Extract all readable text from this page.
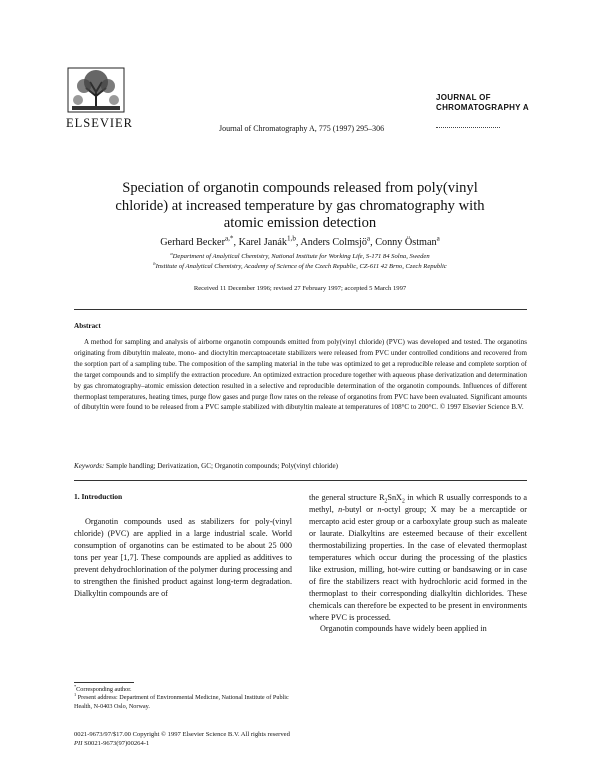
ELSEVIER	Journal of Chromatography A, 775 (1997) 295–306
JOURNAL OF
CHROMATOGRAPHY A
Speciation of organotin compounds released from poly(vinyl chloride) at increased temperature by gas chromatography with atomic emission detection
Gerhard Becker$^{a,*}$, Karel Janák$^{1,b}$, Anders Colmsjö$^a$, Conny Östman$^a$
$^a$Department of Analytical Chemistry, National Institute for Working Life, S-171 84 Solna, Sweden
$^b$Institute of Analytical Chemistry, Academy of Science of the Czech Republic, CZ-611 42 Brno, Czech Republic
Received 11 December 1996; revised 27 February 1997; accepted 5 March 1997
Abstract

A method for sampling and analysis of airborne organotin compounds emitted from poly(vinyl chloride) (PVC) was developed and tested. The organotins originating from dibutyltin maleate, mono- and dioctyltin mercaptoacetate stabilizers were released from PVC under controlled conditions and recovered from the sorption part of a sampling tube. The composition of the sampling material in the tube was optimized to get a reproducible release and complete sorption of the target compounds and to simplify the extraction procedure. An optimized extraction procedure together with aqueous phase derivatization and determination by gas chromatography–atomic emission detection resulted in a selective and reproducible determination of the organotin compounds. Influences of different thermoplast temperatures, heating times, purge flow gases and purge flow rates on the release of organotins from PVC have been evaluated. Significant amounts of dibutyltin were found to be released from a PVC sample stabilized with dibutyltin maleate at temperatures of 108°C to 200°C. © 1997 Elsevier Science B.V.

Keywords: Sample handling; Derivatization, GC; Organotin compounds; Poly(vinyl chloride)
1. Introduction

Organotin compounds used as stabilizers for poly-(vinyl chloride) (PVC) are applied in a large industrial scale. World consumption of organotins can be estimated to be about 25 000 tons per year [1,7]. These compounds are applied as additives to prevent dehydrochlorination of the polymer during processing and to strengthen the finished product against long-term degradation. Dialkyltin compounds are of

the general structure $R_2SnX_2$ in which R usually corresponds to a methyl, n-butyl or n-octyl group; X may be a mercaptide or mercapto acid ester group or a carboxylate group such as maleate or laurate. Dialkyltins are esteemed because of their excellent thermostabilizing properties. In the case of elevated thermoplast temperatures which occur during the processing of the plastics like extrusion, milling, hot-wire cutting or bandsawing or in case of fire the stabilizers react with hydrochloric acid formed in the thermoplast to their corresponding dialkyltin dichlorides. These chemicals can therefore be expected to be present in environments where PVC is processed.

Organotin compounds have widely been applied in

*Corresponding author.

$^1$ Present address: Department of Environmental Medicine, National Institute of Public Health, N-0403 Oslo, Norway.

0021-9673/97/$17.00 Copyright © 1997 Elsevier Science B.V. All rights reserved
PII S0021-9673(97)00264-1
